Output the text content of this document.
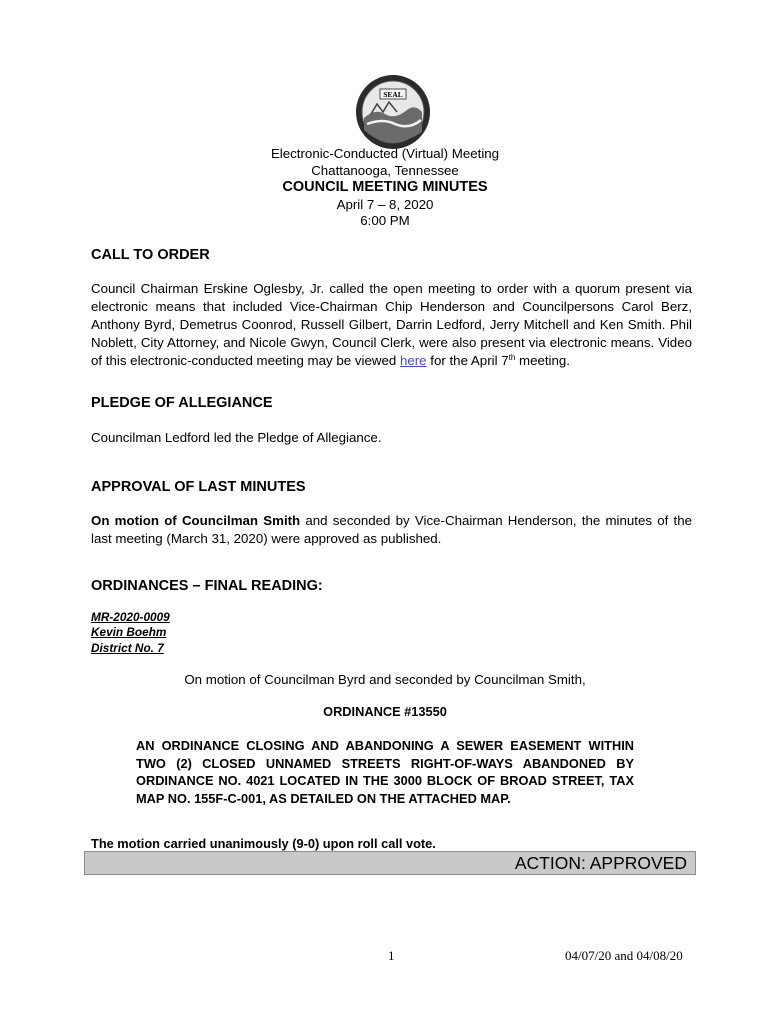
SEAL
Electronic-Conducted (Virtual) Meeting
Chattanooga, Tennessee
COUNCIL MEETING MINUTES
April 7 – 8, 2020
6:00 PM
CALL TO ORDER

Council Chairman Erskine Oglesby, Jr. called the open meeting to order with a quorum present via electronic means that included Vice-Chairman Chip Henderson and Councilpersons Carol Berz, Anthony Byrd, Demetrus Coonrod, Russell Gilbert, Darrin Ledford, Jerry Mitchell and Ken Smith. Phil Noblett, City Attorney, and Nicole Gwyn, Council Clerk, were also present via electronic means. Video of this electronic-conducted meeting may be viewed here for the April 7th meeting.

PLEDGE OF ALLEGIANCE

Councilman Ledford led the Pledge of Allegiance.

APPROVAL OF LAST MINUTES

On motion of Councilman Smith and seconded by Vice-Chairman Henderson, the minutes of the last meeting (March 31, 2020) were approved as published.

ORDINANCES – FINAL READING:
MR-2020-0009
Kevin Boehm
District No. 7
On motion of Councilman Byrd and seconded by Councilman Smith,
ORDINANCE #13550

AN ORDINANCE CLOSING AND ABANDONING A SEWER EASEMENT WITHIN TWO (2) CLOSED UNNAMED STREETS RIGHT-OF-WAYS ABANDONED BY ORDINANCE NO. 4021 LOCATED IN THE 3000 BLOCK OF BROAD STREET, TAX MAP NO. 155F-C-001, AS DETAILED ON THE ATTACHED MAP.

The motion carried unanimously (9-0) upon roll call vote.
ACTION: APPROVED
1	04/07/20 and 04/08/20
